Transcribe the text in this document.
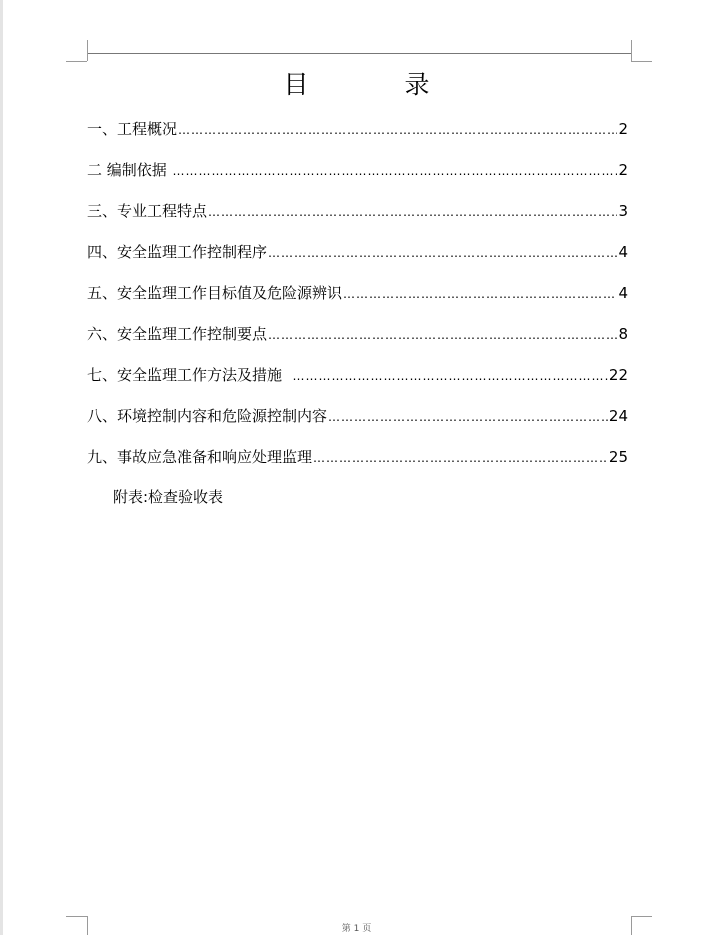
目 录
一、工程概况 ……………………………………………………………………………………………………………………………………………	2
二 编制依据 ……………………………………………………………………………………………………………………………………………	2
三、专业工程特点 ……………………………………………………………………………………………………………………………………………	3
四、安全监理工作控制程序 ……………………………………………………………………………………………………………………………………………	4
五、安全监理工作目标值及危险源辨识 ……………………………………………………………………………………………………………………………………………	4
六、安全监理工作控制要点 ……………………………………………………………………………………………………………………………………………	8
七、安全监理工作方法及措施 ……………………………………………………………………………………………………………………………………………	22
八、环境控制内容和危险源控制内容 ……………………………………………………………………………………………………………………………………………	24
九、事故应急准备和响应处理监理 ……………………………………………………………………………………………………………………………………………	25
附表:检查验收表
第 1 页
